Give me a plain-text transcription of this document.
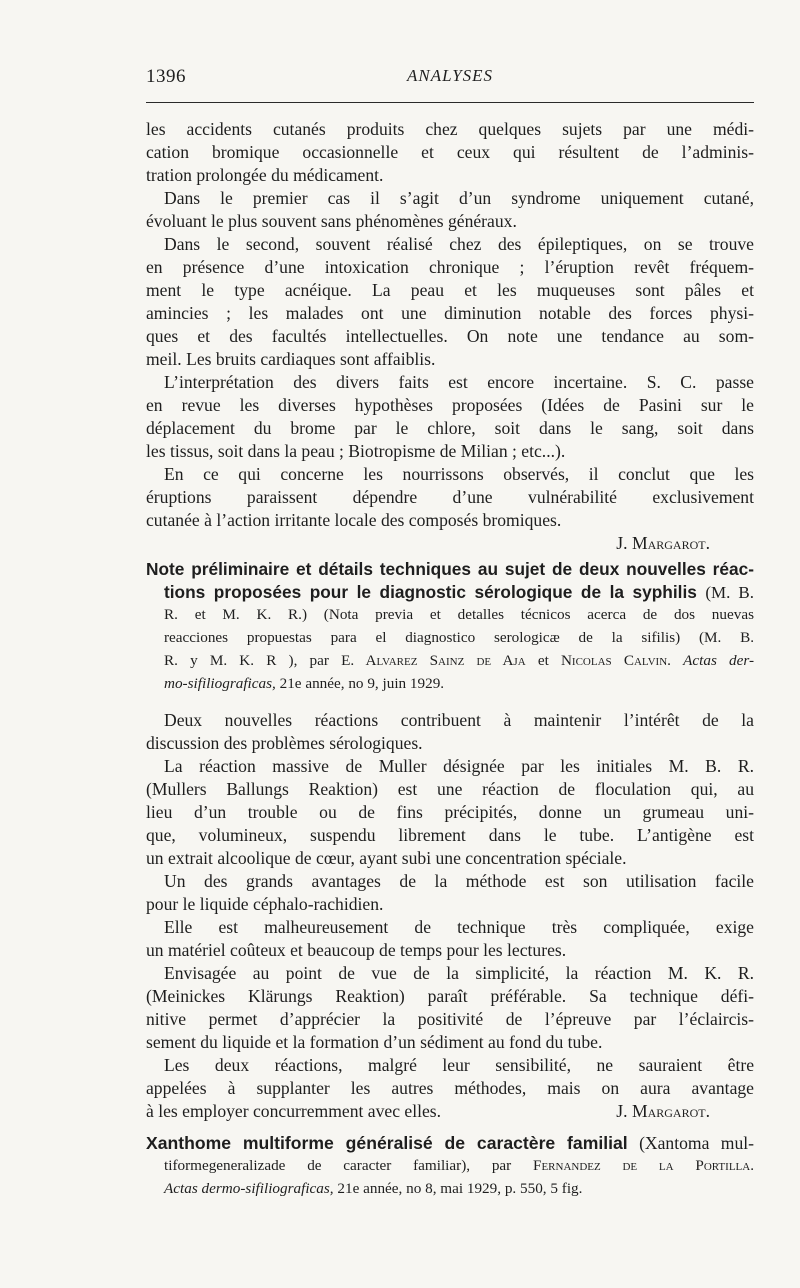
1396	ANALYSES
les accidents cutanés produits chez quelques sujets par une médi-
cation bromique occasionnelle et ceux qui résultent de l’adminis-
tration prolongée du médicament.
Dans le premier cas il s’agit d’un syndrome uniquement cutané,
évoluant le plus souvent sans phénomènes généraux.
Dans le second, souvent réalisé chez des épileptiques, on se trouve
en présence d’une intoxication chronique ; l’éruption revêt fréquem-
ment le type acnéique. La peau et les muqueuses sont pâles et
amincies ; les malades ont une diminution notable des forces physi-
ques et des facultés intellectuelles. On note une tendance au som-
meil. Les bruits cardiaques sont affaiblis.
L’interprétation des divers faits est encore incertaine. S. C. passe
en revue les diverses hypothèses proposées (Idées de Pasini sur le
déplacement du brome par le chlore, soit dans le sang, soit dans
les tissus, soit dans la peau ; Biotropisme de Milian ; etc...).
En ce qui concerne les nourrissons observés, il conclut que les
éruptions paraissent dépendre d’une vulnérabilité exclusivement
cutanée à l’action irritante locale des composés bromiques.
J. Margarot.
Note préliminaire et détails techniques au sujet de deux nouvelles réac-
tions proposées pour le diagnostic sérologique de la syphilis (M. B.
R. et M. K. R.) (Nota previa et detalles técnicos acerca de dos nuevas
reacciones propuestas para el diagnostico serologicæ de la sifilis) (M. B.
R. y M. K. R ), par E. Alvarez Sainz de Aja et Nicolas Calvin. Actas der-
mo-sifiliograficas, 21e année, no 9, juin 1929.
Deux nouvelles réactions contribuent à maintenir l’intérêt de la
discussion des problèmes sérologiques.
La réaction massive de Muller désignée par les initiales M. B. R.
(Mullers Ballungs Reaktion) est une réaction de floculation qui, au
lieu d’un trouble ou de fins précipités, donne un grumeau uni-
que, volumineux, suspendu librement dans le tube. L’antigène est
un extrait alcoolique de cœur, ayant subi une concentration spéciale.
Un des grands avantages de la méthode est son utilisation facile
pour le liquide céphalo-rachidien.
Elle est malheureusement de technique très compliquée, exige
un matériel coûteux et beaucoup de temps pour les lectures.
Envisagée au point de vue de la simplicité, la réaction M. K. R.
(Meinickes Klärungs Reaktion) paraît préférable. Sa technique défi-
nitive permet d’apprécier la positivité de l’épreuve par l’éclaircis-
sement du liquide et la formation d’un sédiment au fond du tube.
Les deux réactions, malgré leur sensibilité, ne sauraient être
appelées à supplanter les autres méthodes, mais on aura avantage
à les employer concurremment avec elles.	J. Margarot.
Xanthome multiforme généralisé de caractère familial (Xantoma mul-
tiformegeneralizade de caracter familiar), par Fernandez de la Portilla.
Actas dermo-sifiliograficas, 21e année, no 8, mai 1929, p. 550, 5 fig.
